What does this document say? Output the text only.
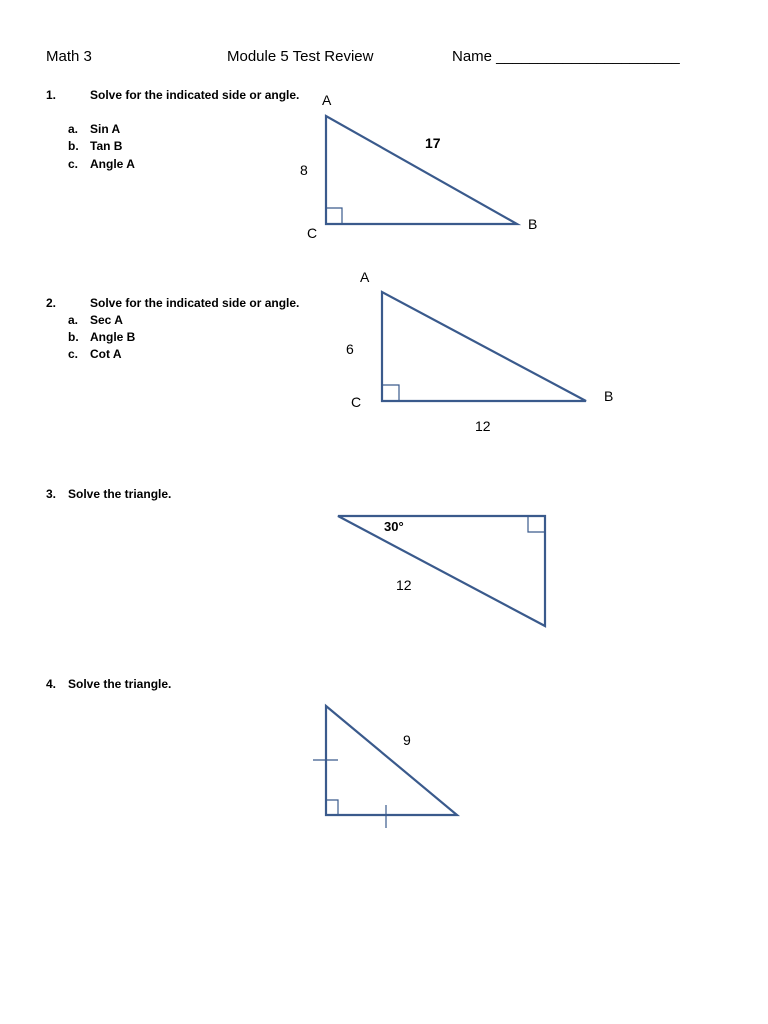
Math 3	Module 5 Test Review	Name ______________________
1.	Solve for the indicated side or angle.
a. Sin A
b. Tan B
c. Angle A
2.	Solve for the indicated side or angle.
a. Sec A
b. Angle B
c. Cot A
3. Solve the triangle.
4. Solve the triangle.
A
17
8
C
B
A
6
C	B
12
30°
12
9
